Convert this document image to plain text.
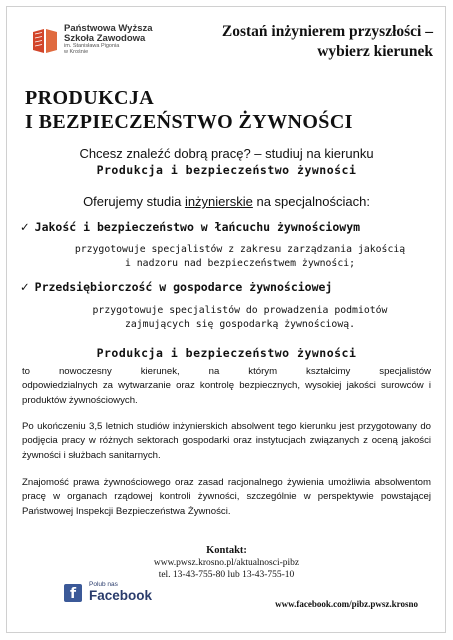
Państwowa Wyższa
Szkoła Zawodowa
im. Stanisława Pigonia
w Krośnie
Zostań inżynierem przyszłości –
wybierz kierunek
PRODUKCJA
I BEZPIECZEŃSTWO ŻYWNOŚCI
Chcesz znaleźć dobrą pracę? – studiuj na kierunku
Produkcja i bezpieczeństwo żywności
Oferujemy studia inżynierskie na specjalnościach:
✓ Jakość i bezpieczeństwo w łańcuchu żywnościowym
przygotowuje specjalistów z zakresu zarządzania jakością
i nadzoru nad bezpieczeństwem żywności;
✓ Przedsiębiorczość w gospodarce żywnościowej
przygotowuje specjalistów do prowadzenia podmiotów
zajmujących się gospodarką żywnościową.
Produkcja i bezpieczeństwo żywności
to nowoczesny kierunek, na którym kształcimy specjalistów
odpowiedzialnych za wytwarzanie oraz kontrolę bezpiecznych, wysokiej jakości surowców i produktów żywnościowych.
Po ukończeniu 3,5 letnich studiów inżynierskich absolwent tego kierunku jest przygotowany do podjęcia pracy w różnych sektorach gospodarki oraz instytucjach związanych z oceną jakości żywności i służbach sanitarnych.
Znajomość prawa żywnościowego oraz zasad racjonalnego żywienia umożliwia absolwentom pracę w organach rządowej kontroli żywności, szczególnie w perspektywie powstającej Państwowej Inspekcji Bezpieczeństwa Żywności.
Kontakt:
www.pwsz.krosno.pl/aktualnosci-pibz
tel. 13-43-755-80 lub 13-43-755-10
f
Polub nas
Facebook
www.facebook.com/pibz.pwsz.krosno
